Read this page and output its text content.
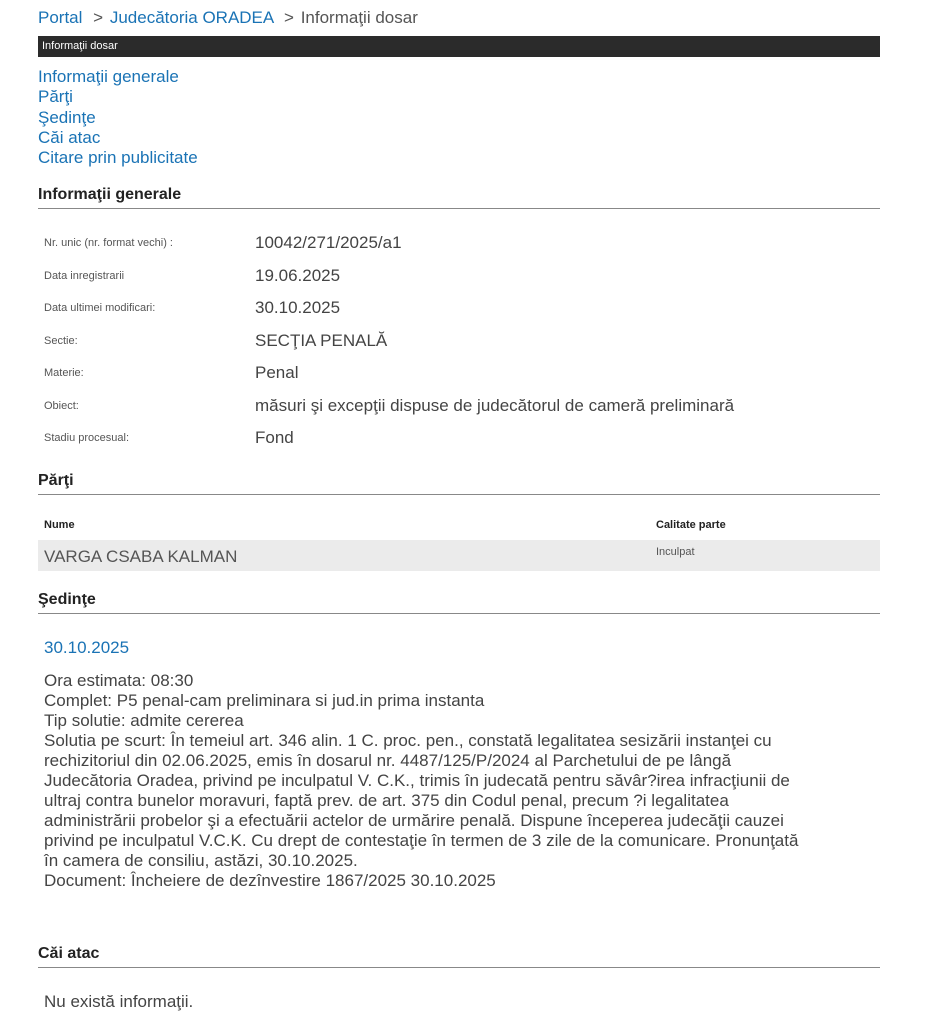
Portal > Judecătoria ORADEA > Informaţii dosar
Informaţii dosar
Informaţii generale
Părţi
Şedinţe
Căi atac
Citare prin publicitate
Informaţii generale
Nr. unic (nr. format vechi) :	10042/271/2025/a1
Data inregistrarii	19.06.2025
Data ultimei modificari:	30.10.2025
Sectie:	SECŢIA PENALĂ
Materie:	Penal
Obiect:	măsuri şi excepţii dispuse de judecătorul de cameră preliminară
Stadiu procesual:	Fond
Părţi
Nume	Calitate parte
VARGA CSABA KALMAN	Inculpat
Şedinţe
30.10.2025
Ora estimata: 08:30
Complet: P5 penal-cam preliminara si jud.in prima instanta
Tip solutie: admite cererea
Solutia pe scurt: În temeiul art. 346 alin. 1 C. proc. pen., constată legalitatea sesizării instanţei cu
rechizitoriul din 02.06.2025, emis în dosarul nr. 4487/125/P/2024 al Parchetului de pe lângă
Judecătoria Oradea, privind pe inculpatul V. C.K., trimis în judecată pentru săvâr?irea infracţiunii de
ultraj contra bunelor moravuri, faptă prev. de art. 375 din Codul penal, precum ?i legalitatea
administrării probelor şi a efectuării actelor de urmărire penală. Dispune începerea judecăţii cauzei
privind pe inculpatul V.C.K. Cu drept de contestaţie în termen de 3 zile de la comunicare. Pronunţată
în camera de consiliu, astăzi, 30.10.2025.
Document: Încheiere de dezînvestire 1867/2025 30.10.2025
Căi atac
Nu există informaţii.
